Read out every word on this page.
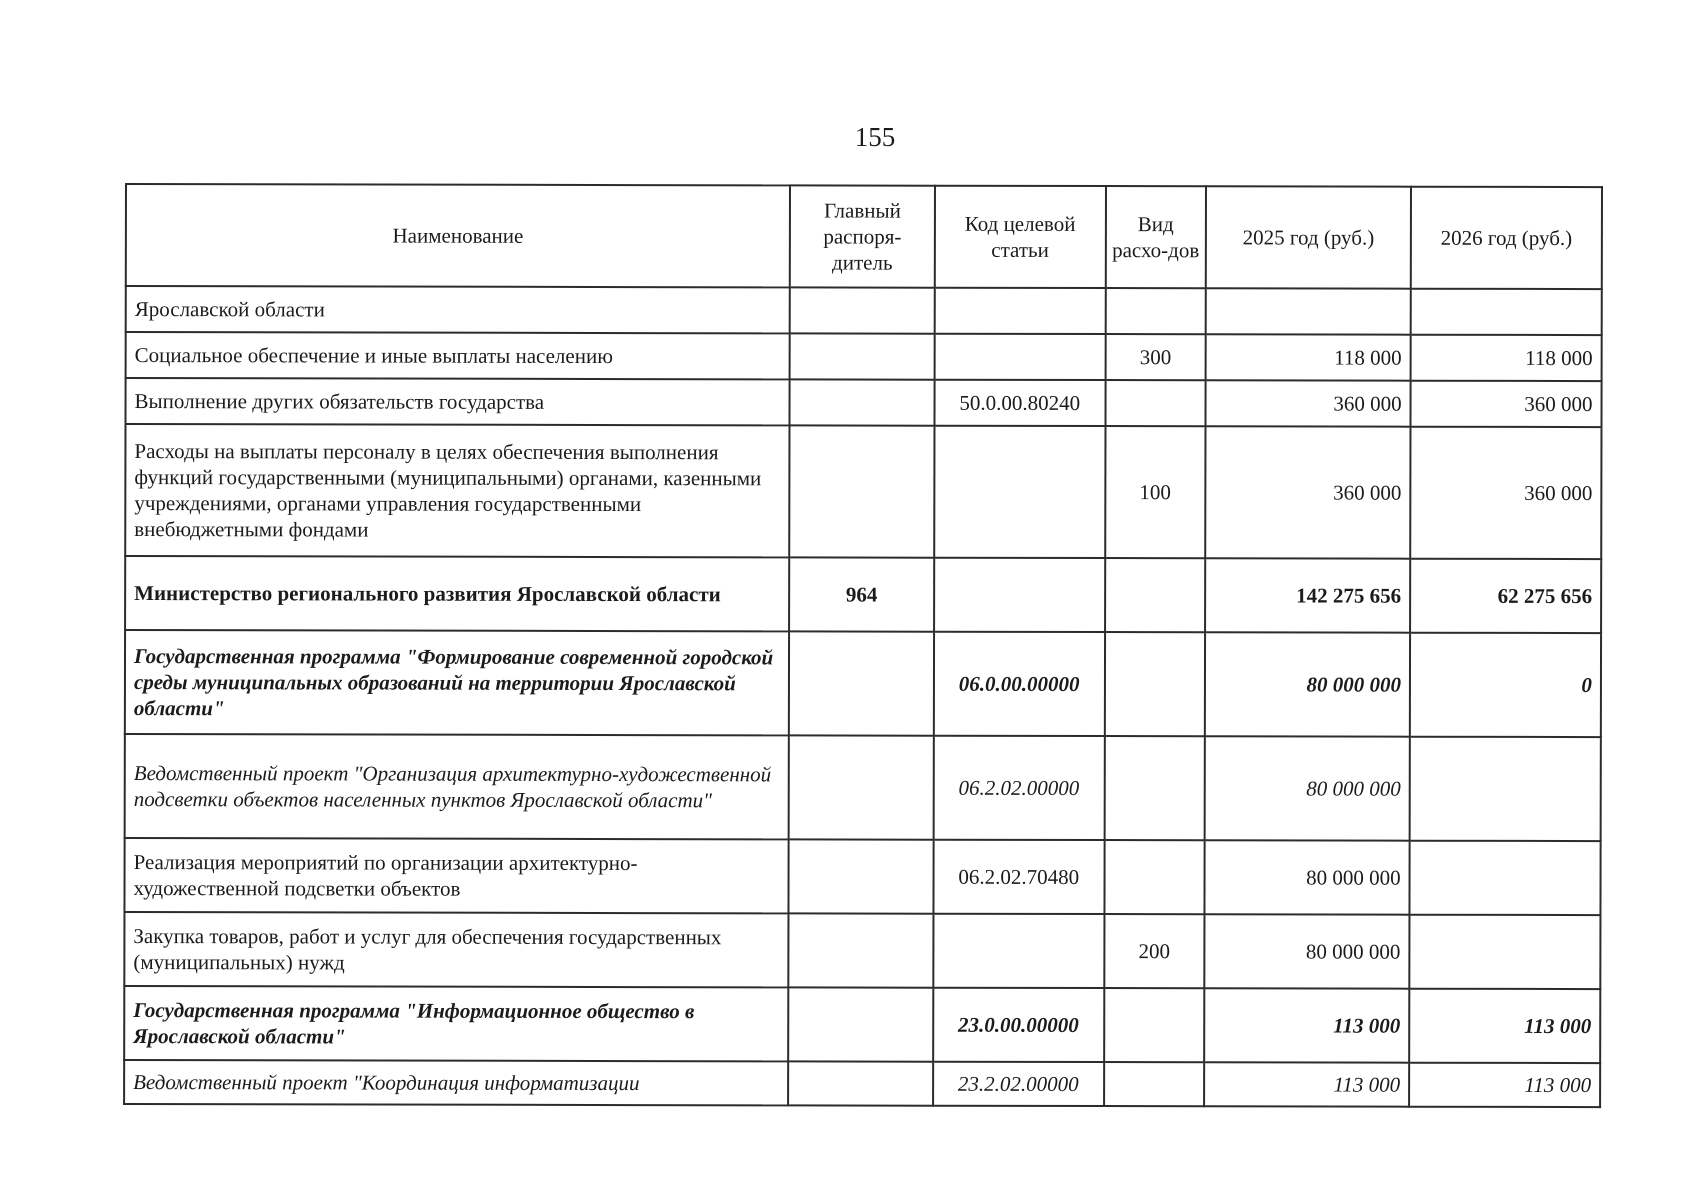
155
Наименование	Главный распоря-дитель	Код целевой статьи	Вид расхо-дов	2025 год (руб.)	2026 год (руб.)
Ярославской области					
Социальное обеспечение и иные выплаты населению			300	118 000	118 000
Выполнение других обязательств государства		50.0.00.80240		360 000	360 000
Расходы на выплаты персоналу в целях обеспечения выполнения функций государственными (муниципальными) органами, казенными учреждениями, органами управления государственными внебюджетными фондами			100	360 000	360 000
Министерство регионального развития Ярославской области	964			142 275 656	62 275 656
Государственная программа "Формирование современной городской среды муниципальных образований на территории Ярославской области"		06.0.00.00000		80 000 000	0
Ведомственный проект "Организация архитектурно-художественной подсветки объектов населенных пунктов Ярославской области"		06.2.02.00000		80 000 000	
Реализация мероприятий по организации архитектурно-художественной подсветки объектов		06.2.02.70480		80 000 000	
Закупка товаров, работ и услуг для обеспечения государственных (муниципальных) нужд			200	80 000 000	
Государственная программа "Информационное общество в Ярославской области"		23.0.00.00000		113 000	113 000
Ведомственный проект "Координация информатизации		23.2.02.00000		113 000	113 000
